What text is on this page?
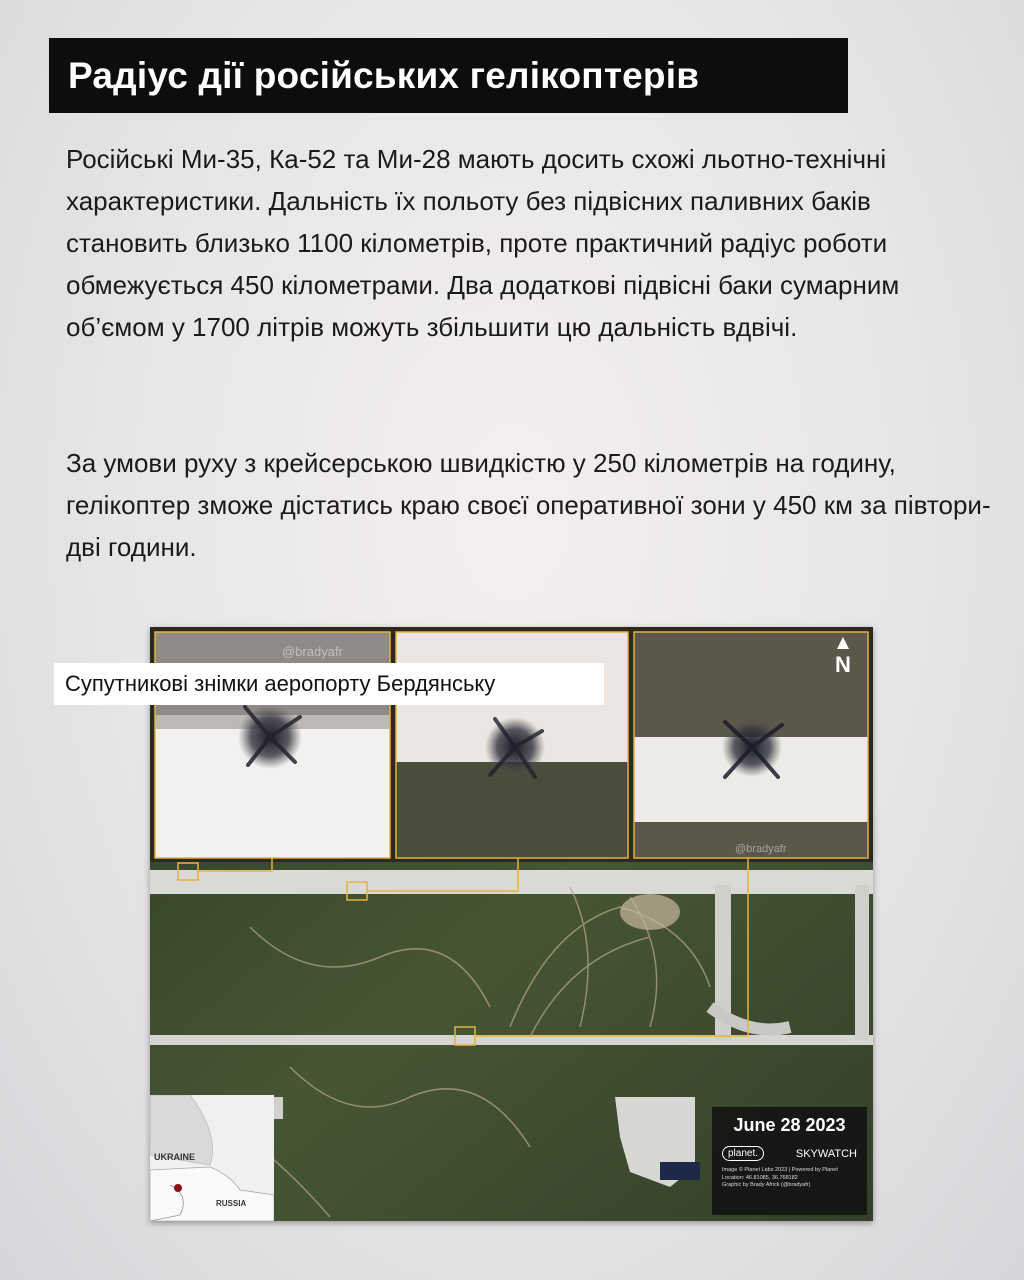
Радіус дії російських гелікоптерів

Російські Ми-35, Ка-52 та Ми-28 мають досить схожі льотно-технічні характеристики. Дальність їх польоту без підвісних паливних баків становить близько 1100 кілометрів, проте практичний радіус роботи обмежується 450 кілометрами. Два додаткові підвісні баки сумарним об’ємом у 1700 літрів можуть збільшити цю дальність вдвічі.

За умови руху з крейсерською швидкістю у 250 кілометрів на годину, гелікоптер зможе дістатись краю своєї оперативної зони у 450 км за півтори-дві години.

N
@bradyafr
@bradyafr
UKRAINE
RUSSIA
June 28 2023
planet.	SKYWATCH
Image © Planet Labs 2023 | Powered by Planet
Location: 46.81085, 36.768182
Graphic by Brady Africk (@bradyafr)
Супутникові знімки аеропорту Бердянську
